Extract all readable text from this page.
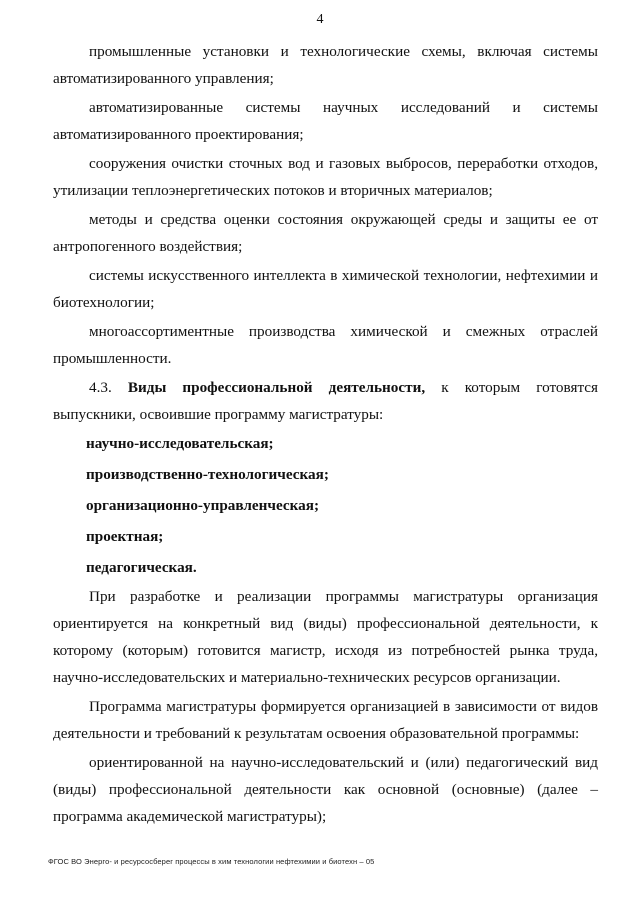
4

промышленные установки и технологические схемы, включая системы автоматизированного управления;

автоматизированные системы научных исследований и системы автоматизированного проектирования;

сооружения очистки сточных вод и газовых выбросов, переработки отходов, утилизации теплоэнергетических потоков и вторичных материалов;

методы и средства оценки состояния окружающей среды и защиты ее от антропогенного воздействия;

системы искусственного интеллекта в химической технологии, нефтехимии и биотехнологии;

многоассортиментные производства химической и смежных отраслей промышленности.

4.3. Виды профессиональной деятельности, к которым готовятся выпускники, освоившие программу магистратуры:

научно-исследовательская;

производственно-технологическая;

организационно-управленческая;

проектная;

педагогическая.

При разработке и реализации программы магистратуры организация ориентируется на конкретный вид (виды) профессиональной деятельности, к которому (которым) готовится магистр, исходя из потребностей рынка труда, научно-исследовательских и материально-технических ресурсов организации.

Программа магистратуры формируется организацией в зависимости от видов деятельности и требований к результатам освоения образовательной программы:

ориентированной на научно-исследовательский и (или) педагогический вид (виды) профессиональной деятельности как основной (основные) (далее – программа академической магистратуры);

ФГОС ВО Энерго- и ресурсосберег процессы в хим технологии нефтехимии и биотехн – 05
